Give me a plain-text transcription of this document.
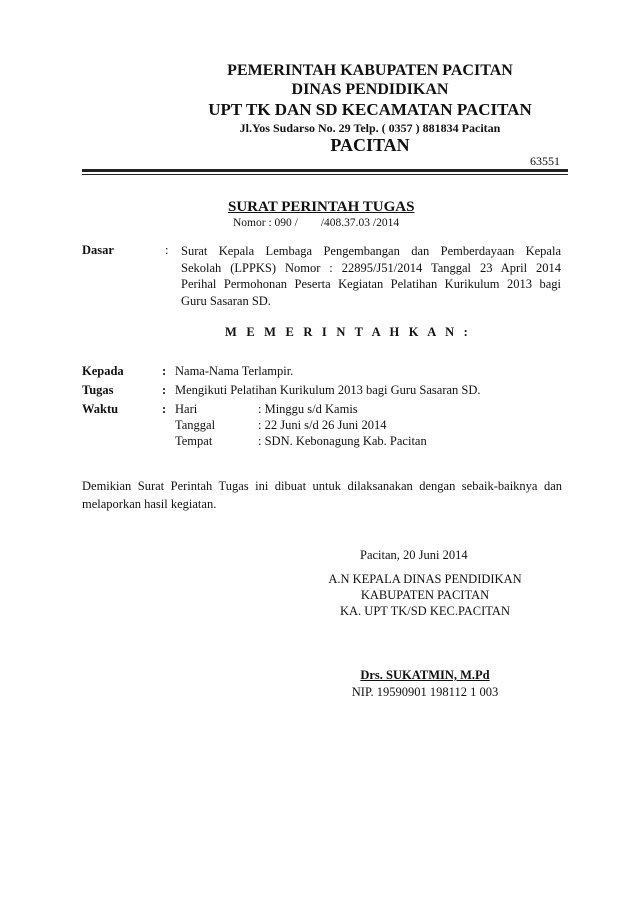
PEMERINTAH KABUPATEN PACITAN
DINAS PENDIDIKAN
UPT TK DAN SD KECAMATAN PACITAN
Jl.Yos Sudarso No. 29 Telp. ( 0357 ) 881834 Pacitan
PACITAN
63551
SURAT PERINTAH TUGAS
Nomor : 090 /        /408.37.03 /2014
Dasar	: Surat Kepala Lembaga Pengembangan dan Pemberdayaan Kepala
Sekolah (LPPKS) Nomor : 22895/J51/2014 Tanggal 23 April 2014
Perihal Permohonan Peserta Kegiatan Pelatihan Kurikulum 2013 bagi
Guru Sasaran SD.
M E M E R I N T A H K A N :
Kepada	: Nama-Nama Terlampir.
Tugas	: Mengikuti Pelatihan Kurikulum 2013 bagi Guru Sasaran SD.
Waktu	: Hari	: Minggu s/d Kamis
Tanggal	: 22 Juni s/d 26 Juni 2014
Tempat	: SDN. Kebonagung Kab. Pacitan
Demikian Surat Perintah Tugas ini dibuat untuk dilaksanakan dengan sebaik-baiknya dan
melaporkan hasil kegiatan.
Pacitan, 20 Juni 2014
A.N KEPALA DINAS PENDIDIKAN
KABUPATEN PACITAN
KA. UPT TK/SD KEC.PACITAN
Drs. SUKATMIN, M.Pd
NIP. 19590901 198112 1 003
